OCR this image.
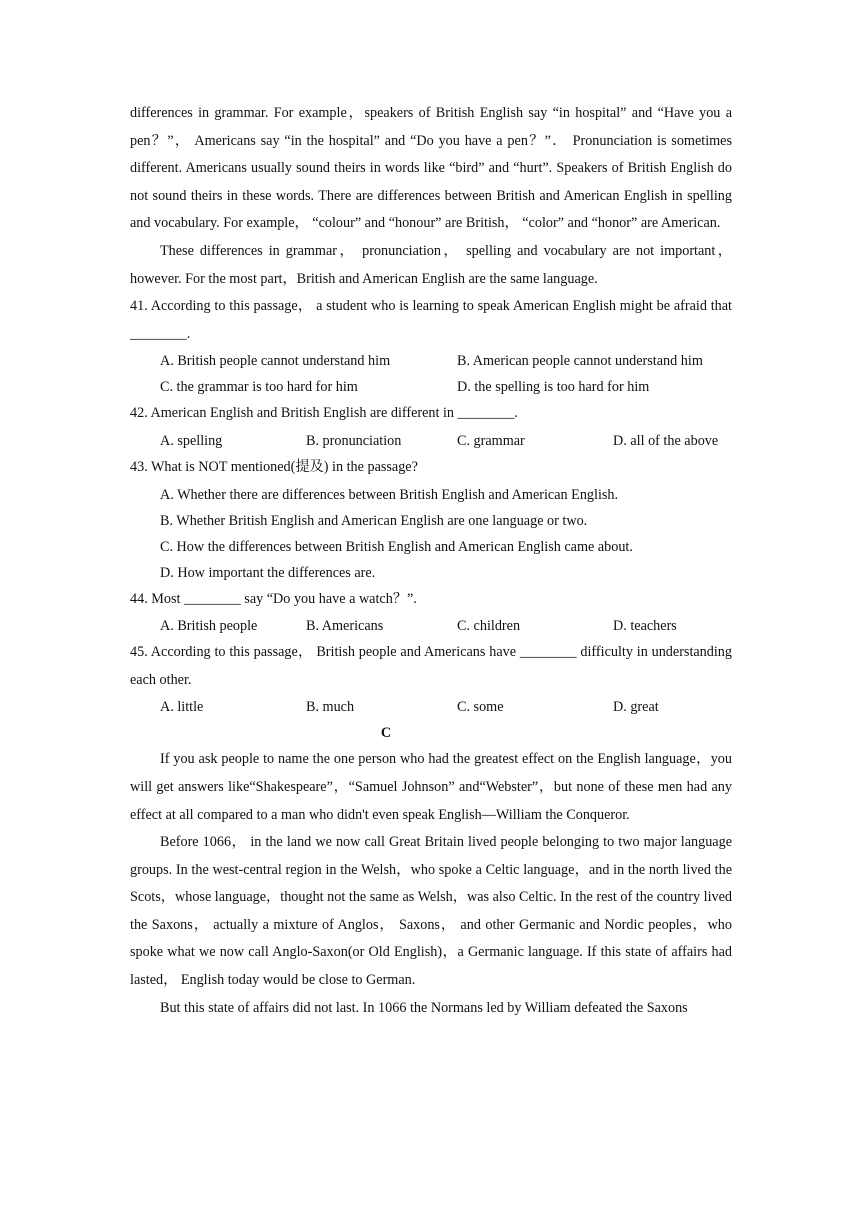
differences in grammar. For example，speakers of British English say “in hospital” and “Have you a pen？”， Americans say “in the hospital” and “Do you have a pen？”． Pronunciation is sometimes different. Americans usually sound theirs in words like “bird” and “hurt”. Speakers of British English do not sound theirs in these words. There are differences between British and American English in spelling and vocabulary. For example， “colour” and “honour” are British， “color” and “honor” are American.

These differences in grammar， pronunciation， spelling and vocabulary are not important， however. For the most part，British and American English are the same language.

41. According to this passage， a student who is learning to speak American English might be afraid that ________.

A. British people cannot understand him	B. American people cannot understand him
C. the grammar is too hard for him	D. the spelling is too hard for him

42. American English and British English are different in ________.

A. spelling	B. pronunciation	C. grammar	D. all of the above

43. What is NOT mentioned(提及) in the passage?

A. Whether there are differences between British English and American English.

B. Whether British English and American English are one language or two.

C. How the differences between British English and American English came about.

D. How important the differences are.

44. Most ________ say “Do you have a watch？”.

A. British people	B. Americans	C. children	D. teachers

45. According to this passage， British people and Americans have ________ difficulty in understanding each other.

A. little	B. much	C. some	D. great

C

If you ask people to name the one person who had the greatest effect on the English language，you will get answers like“Shakespeare”，“Samuel Johnson” and“Webster”，but none of these men had any effect at all compared to a man who didn't even speak English—William the Conqueror.

Before 1066， in the land we now call Great Britain lived people belonging to two major language groups. In the west-central region in the Welsh，who spoke a Celtic language，and in the north lived the Scots，whose language，thought not the same as Welsh，was also Celtic. In the rest of the country lived the Saxons， actually a mixture of Anglos， Saxons， and other Germanic and Nordic peoples，who spoke what we now call Anglo-Saxon(or Old English)，a Germanic language. If this state of affairs had lasted， English today would be close to German.

But this state of affairs did not last. In 1066 the Normans led by William defeated the Saxons
